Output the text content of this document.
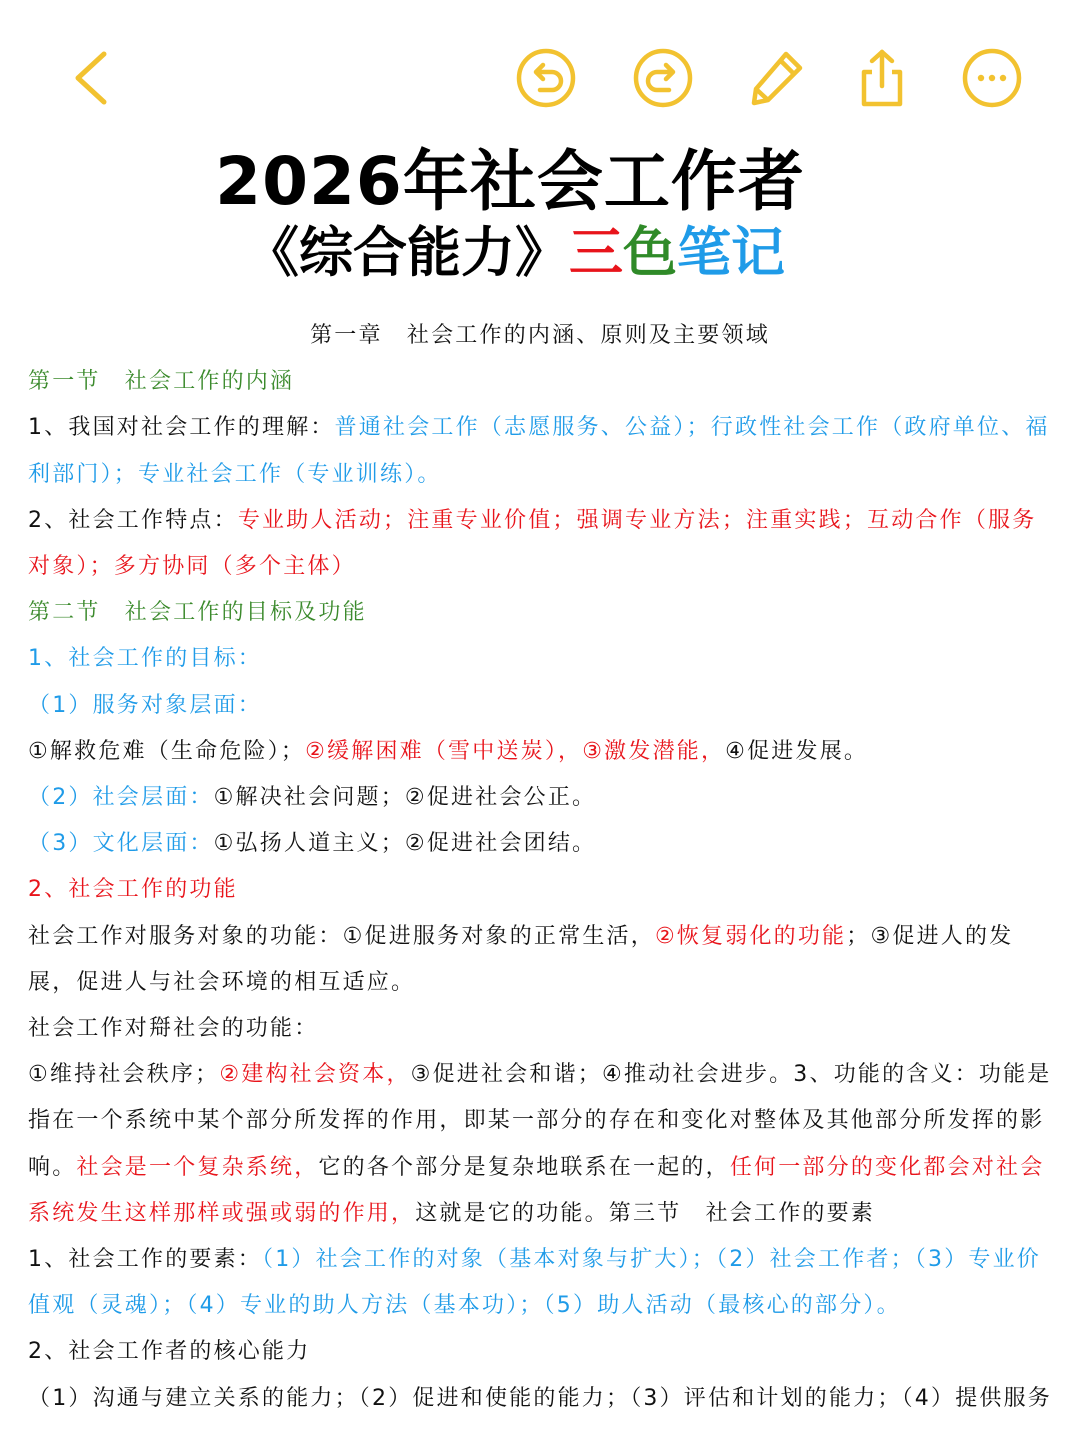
2026年社会工作者
《综合能力》三色笔记

第一章　社会工作的内涵、原则及主要领域

第一节　社会工作的内涵

1、我国对社会工作的理解：普通社会工作（志愿服务、公益）；行政性社会工作（政府单位、福利部门）；专业社会工作（专业训练）。

2、社会工作特点：专业助人活动；注重专业价值；强调专业方法；注重实践；互动合作（服务对象）；多方协同（多个主体）

第二节　社会工作的目标及功能

1、社会工作的目标：

（1）服务对象层面：

①解救危难（生命危险）；②缓解困难（雪中送炭），③激发潜能，④促进发展。

（2）社会层面：①解决社会问题；②促进社会公正。

（3）文化层面：①弘扬人道主义；②促进社会团结。

2、社会工作的功能

社会工作对服务对象的功能：①促进服务对象的正常生活，②恢复弱化的功能；③促进人的发展，促进人与社会环境的相互适应。

社会工作对搿社会的功能：

①维持社会秩序；②建构社会资本，③促进社会和谐；④推动社会进步。3、功能的含义：功能是指在一个系统中某个部分所发挥的作用，即某一部分的存在和变化对整体及其他部分所发挥的影响。社会是一个复杂系统，它的各个部分是复杂地联系在一起的，任何一部分的变化都会对社会系统发生这样那样或强或弱的作用，这就是它的功能。第三节　社会工作的要素

1、社会工作的要素：（1）社会工作的对象（基本对象与扩大）；（2）社会工作者；（3）专业价值观（灵魂）；（4）专业的助人方法（基本功）；（5）助人活动（最核心的部分）。

2、社会工作者的核心能力

（1）沟通与建立关系的能力；（2）促进和使能的能力；（3）评估和计划的能力；（4）提供服务
